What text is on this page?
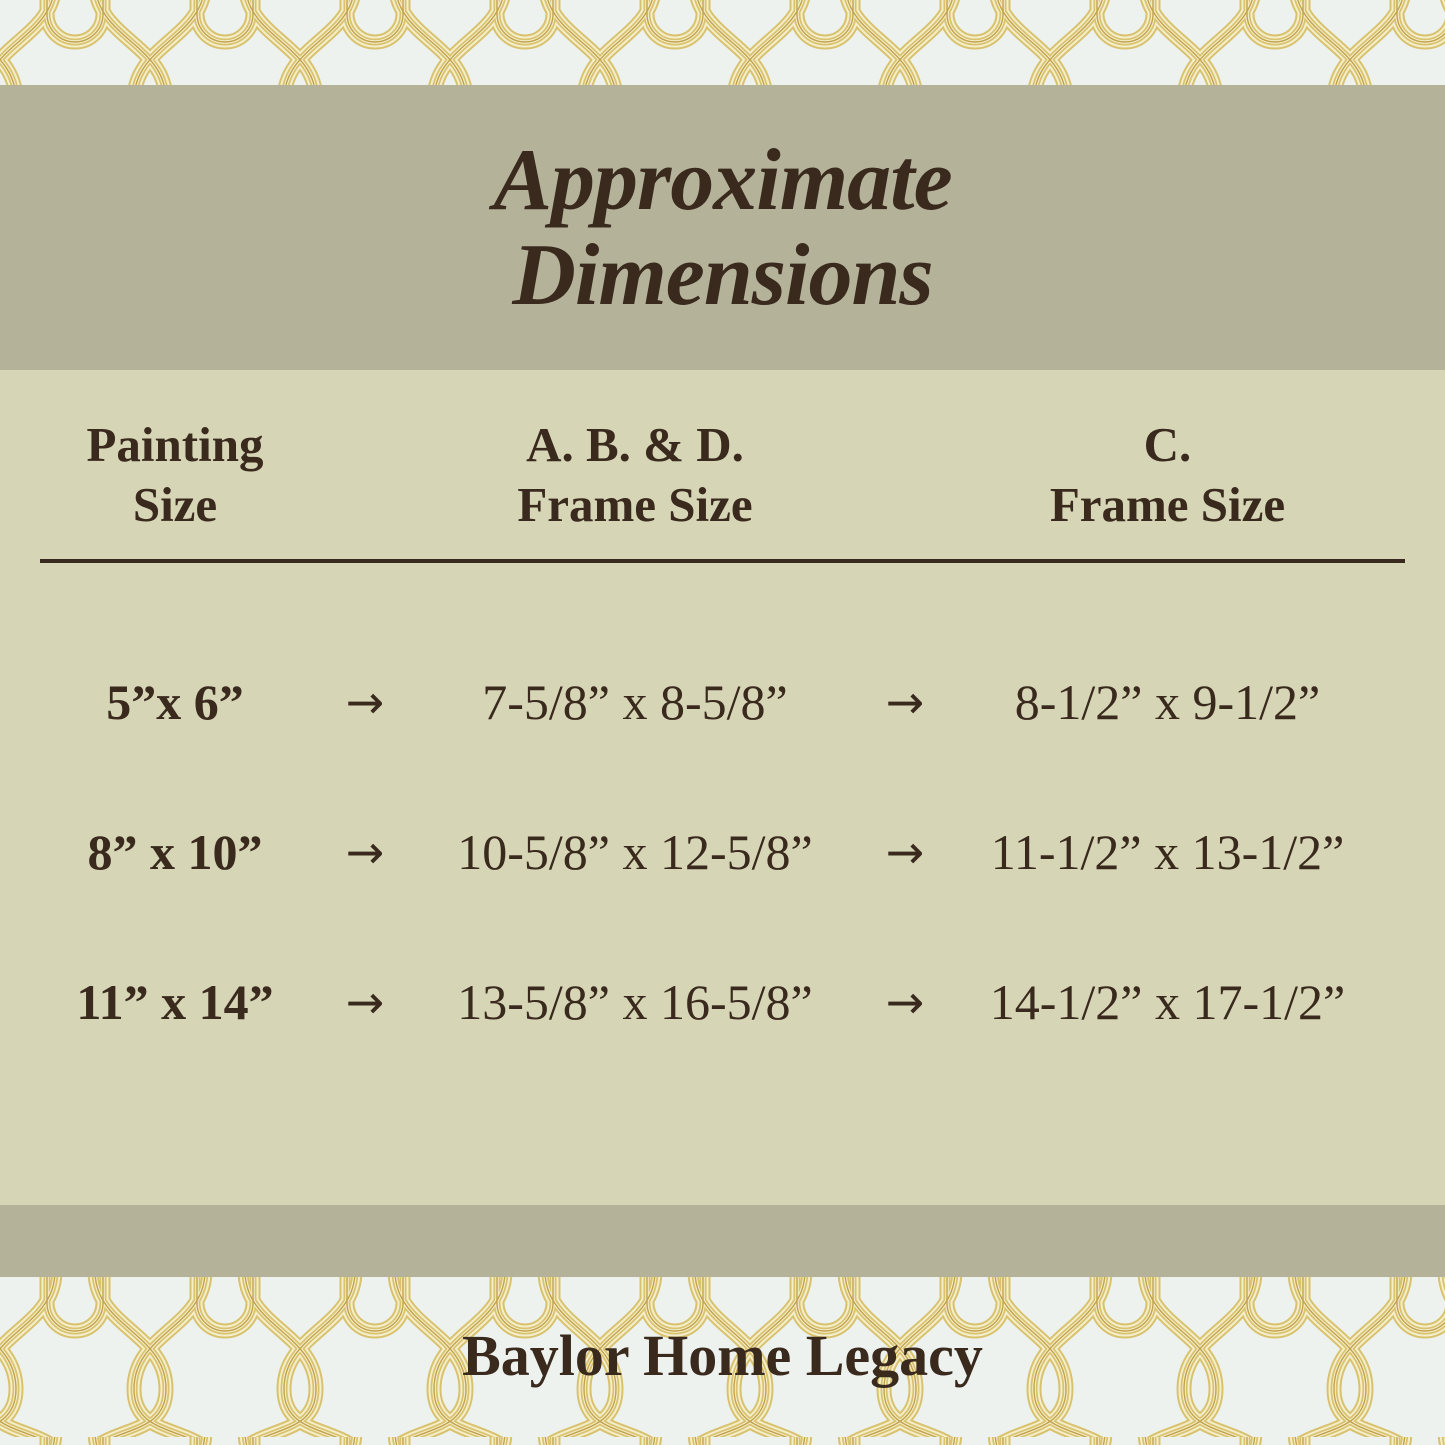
Approximate
Dimensions
Painting
Size
A. B. & D.
Frame Size
C.
Frame Size
5”x 6”	→	7-5/8” x 8-5/8”	→	8-1/2” x 9-1/2”
8” x 10”	→	10-5/8” x 12-5/8”	→	11-1/2” x 13-1/2”
11” x 14”	→	13-5/8” x 16-5/8”	→	14-1/2” x 17-1/2”
Baylor Home Legacy
